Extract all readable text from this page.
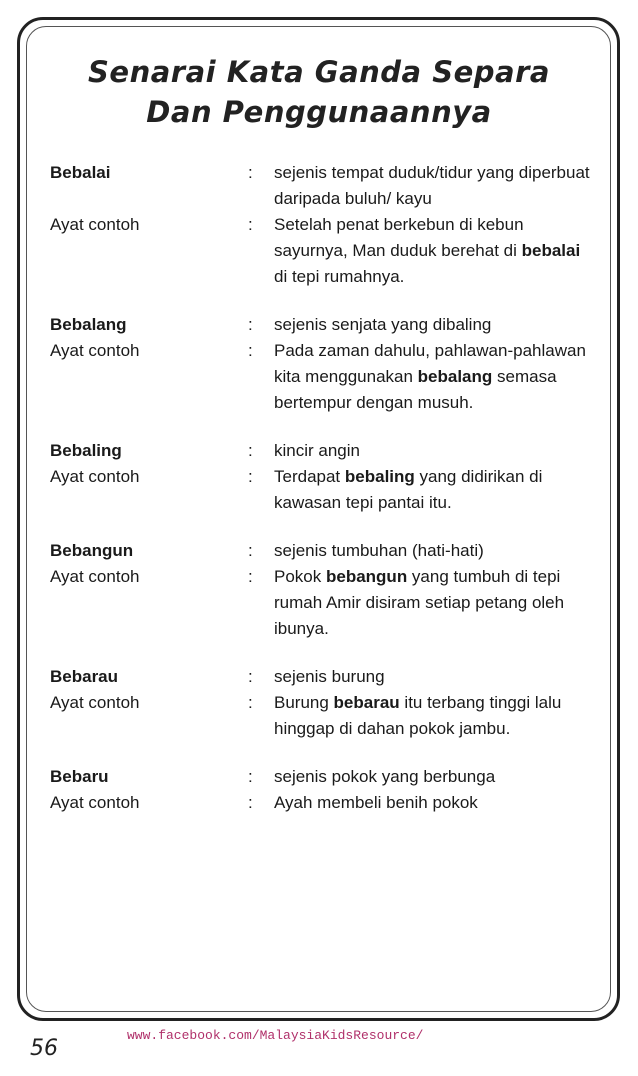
Senarai Kata Ganda Separa
Dan Penggunaannya
Bebalai	:	sejenis tempat duduk/tidur yang diperbuat daripada buluh/ kayu
Ayat contoh	:	Setelah penat berkebun di kebun sayurnya, Man duduk berehat di bebalai di tepi rumahnya.
Bebalang	:	sejenis senjata yang dibaling
Ayat contoh	:	Pada zaman dahulu, pahlawan-pahlawan kita menggunakan bebalang semasa bertempur dengan musuh.
Bebaling	:	kincir angin
Ayat contoh	:	Terdapat bebaling yang didirikan di kawasan tepi pantai itu.
Bebangun	:	sejenis tumbuhan (hati-hati)
Ayat contoh	:	Pokok bebangun yang tumbuh di tepi rumah Amir disiram setiap petang oleh ibunya.
Bebarau	:	sejenis burung
Ayat contoh	:	Burung bebarau itu terbang tinggi lalu hinggap di dahan pokok jambu.
Bebaru	:	sejenis pokok yang berbunga
Ayat contoh	:	Ayah membeli benih pokok
56
www.facebook.com/MalaysiaKidsResource/
